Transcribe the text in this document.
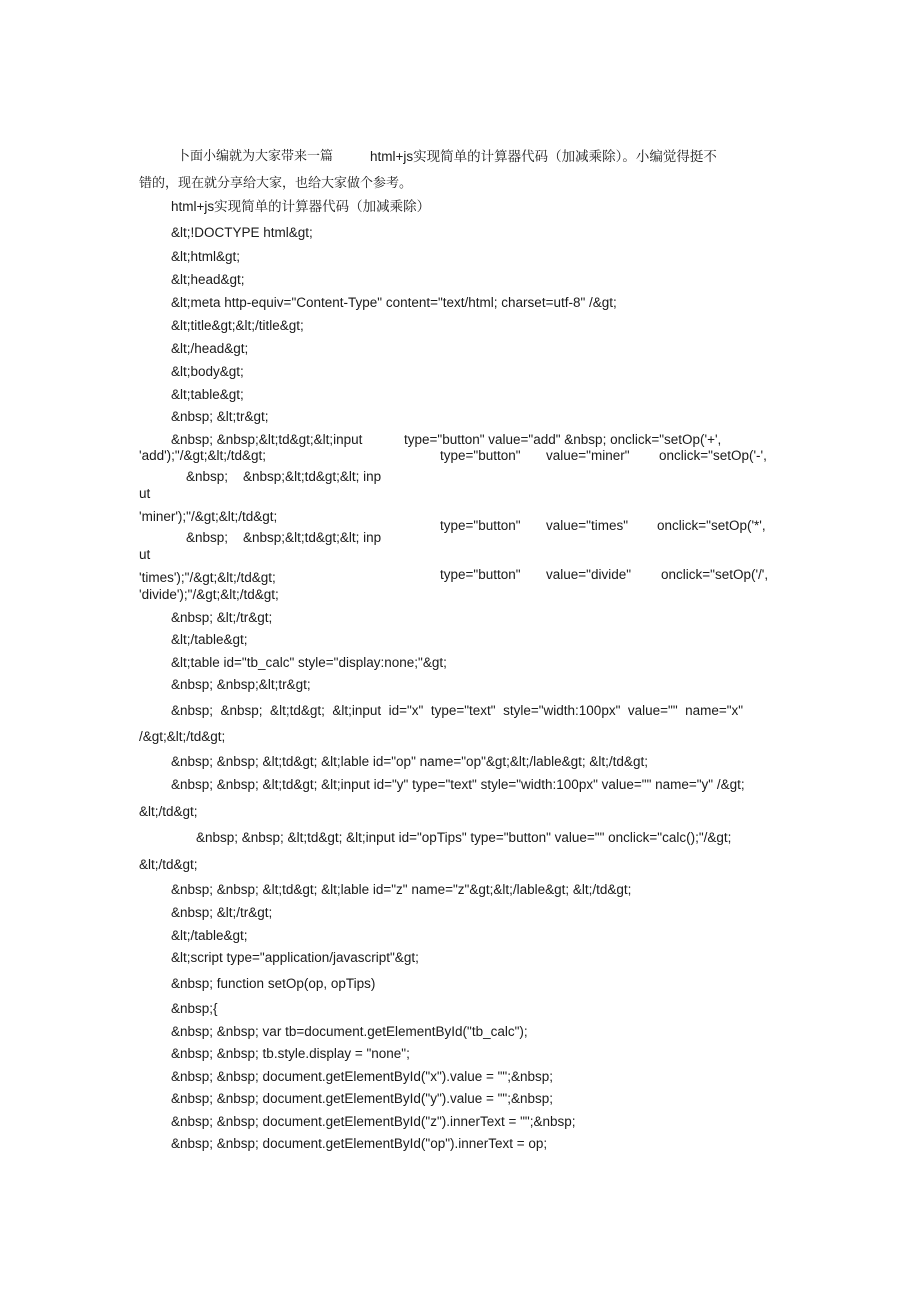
卜面小编就为大家带来一篇	html+js实现简单的计算器代码（加减乘除）。小编觉得挺不
错的，现在就分享给大家，也给大家做个参考。
html+js实现简单的计算器代码（加减乘除）
&lt;!DOCTYPE html&gt;
&lt;html&gt;
&lt;head&gt;
&lt;meta http-equiv="Content-Type" content="text/html; charset=utf-8" /&gt;
&lt;title&gt;&lt;/title&gt;
&lt;/head&gt;
&lt;body&gt;
&lt;table&gt;
&nbsp; &lt;tr&gt;
&nbsp; &nbsp;&lt;td&gt;&lt;input	type="button" value="add" &nbsp; onclick="setOp('+',
'add');"/&gt;&lt;/td&gt;	type="button" value="miner" onclick="setOp('-',
&nbsp;    &nbsp;&lt;td&gt;&lt; inp
ut
'miner');"/&gt;&lt;/td&gt;
type="button" value="times" onclick="setOp('*',
&nbsp;    &nbsp;&lt;td&gt;&lt; inp
ut
'times');"/&gt;&lt;/td&gt;	type="button" value="divide" onclick="setOp('/',
'divide');"/&gt;&lt;/td&gt;
&nbsp; &lt;/tr&gt;
&lt;/table&gt;
&lt;table id="tb_calc" style="display:none;"&gt;
&nbsp; &nbsp;&lt;tr&gt;
&nbsp;  &nbsp;  &lt;td&gt;  &lt;input  id="x"  type="text"  style="width:100px"  value=""  name="x"
/&gt;&lt;/td&gt;
&nbsp; &nbsp; &lt;td&gt; &lt;lable id="op" name="op"&gt;&lt;/lable&gt; &lt;/td&gt;
&nbsp; &nbsp; &lt;td&gt; &lt;input id="y" type="text" style="width:100px" value="" name="y" /&gt;
&lt;/td&gt;
&nbsp; &nbsp; &lt;td&gt; &lt;input id="opTips" type="button" value="" onclick="calc();"/&gt;
&lt;/td&gt;
&nbsp; &nbsp; &lt;td&gt; &lt;lable id="z" name="z"&gt;&lt;/lable&gt; &lt;/td&gt;
&nbsp; &lt;/tr&gt;
&lt;/table&gt;
&lt;script type="application/javascript"&gt;
&nbsp; function setOp(op, opTips)
&nbsp;{
&nbsp; &nbsp; var tb=document.getElementById("tb_calc");
&nbsp; &nbsp; tb.style.display = "none";
&nbsp; &nbsp; document.getElementById("x").value = "";&nbsp;
&nbsp; &nbsp; document.getElementById("y").value = "";&nbsp;
&nbsp; &nbsp; document.getElementById("z").innerText = "";&nbsp;
&nbsp; &nbsp; document.getElementById("op").innerText = op;
